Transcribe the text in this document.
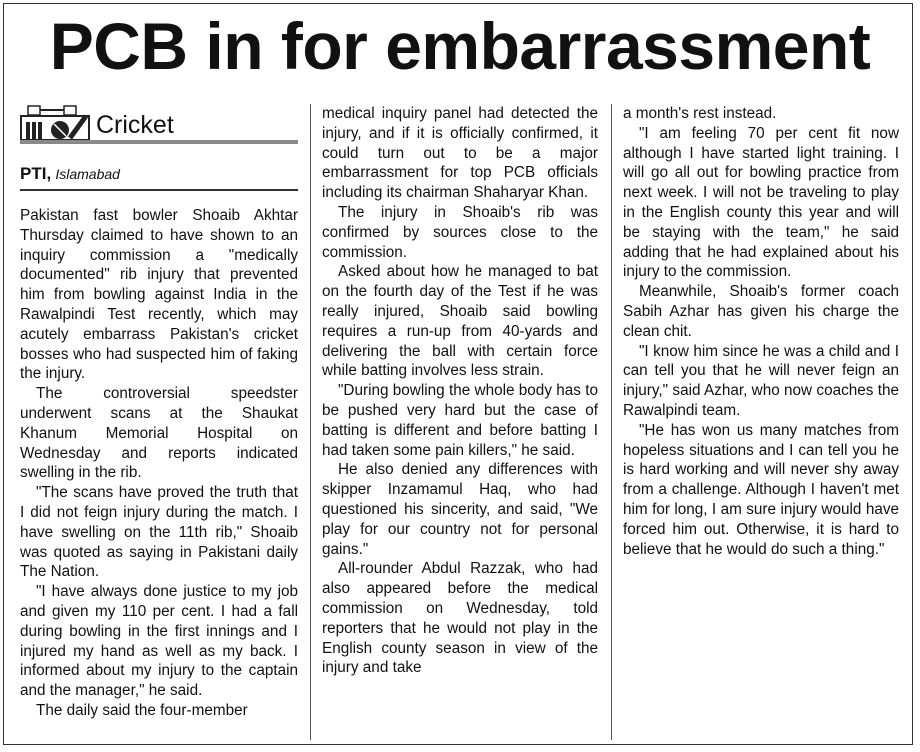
PCB in for embarrassment
Cricket
PTI, Islamabad

Pakistan fast bowler Shoaib Akhtar Thursday claimed to have shown to an inquiry commission a "medically documented" rib injury that prevented him from bowling against India in the Rawalpindi Test recently, which may acutely embarrass Pakistan's cricket bosses who had suspected him of faking the injury.

The controversial speedster underwent scans at the Shaukat Khanum Memorial Hospital on Wednesday and reports indicated swelling in the rib.

"The scans have proved the truth that I did not feign injury during the match. I have swelling on the 11th rib," Shoaib was quoted as saying in Pakistani daily The Nation.

"I have always done justice to my job and given my 110 per cent. I had a fall during bowling in the first innings and I injured my hand as well as my back. I informed about my injury to the captain and the manager," he said.

The daily said the four-member

medical inquiry panel had detected the injury, and if it is officially confirmed, it could turn out to be a major embarrassment for top PCB officials including its chairman Shaharyar Khan.

The injury in Shoaib's rib was confirmed by sources close to the commission.

Asked about how he managed to bat on the fourth day of the Test if he was really injured, Shoaib said bowling requires a run-up from 40-yards and delivering the ball with certain force while batting involves less strain.

"During bowling the whole body has to be pushed very hard but the case of batting is different and before batting I had taken some pain killers," he said.

He also denied any differences with skipper Inzamamul Haq, who had questioned his sincerity, and said, "We play for our country not for personal gains."

All-rounder Abdul Razzak, who had also appeared before the medical commission on Wednesday, told reporters that he would not play in the English county season in view of the injury and take

a month's rest instead.

"I am feeling 70 per cent fit now although I have started light training. I will go all out for bowling practice from next week. I will not be traveling to play in the English county this year and will be staying with the team," he said adding that he had explained about his injury to the commission.

Meanwhile, Shoaib's former coach Sabih Azhar has given his charge the clean chit.

"I know him since he was a child and I can tell you that he will never feign an injury," said Azhar, who now coaches the Rawalpindi team.

"He has won us many matches from hopeless situations and I can tell you he is hard working and will never shy away from a challenge. Although I haven't met him for long, I am sure injury would have forced him out. Otherwise, it is hard to believe that he would do such a thing."
